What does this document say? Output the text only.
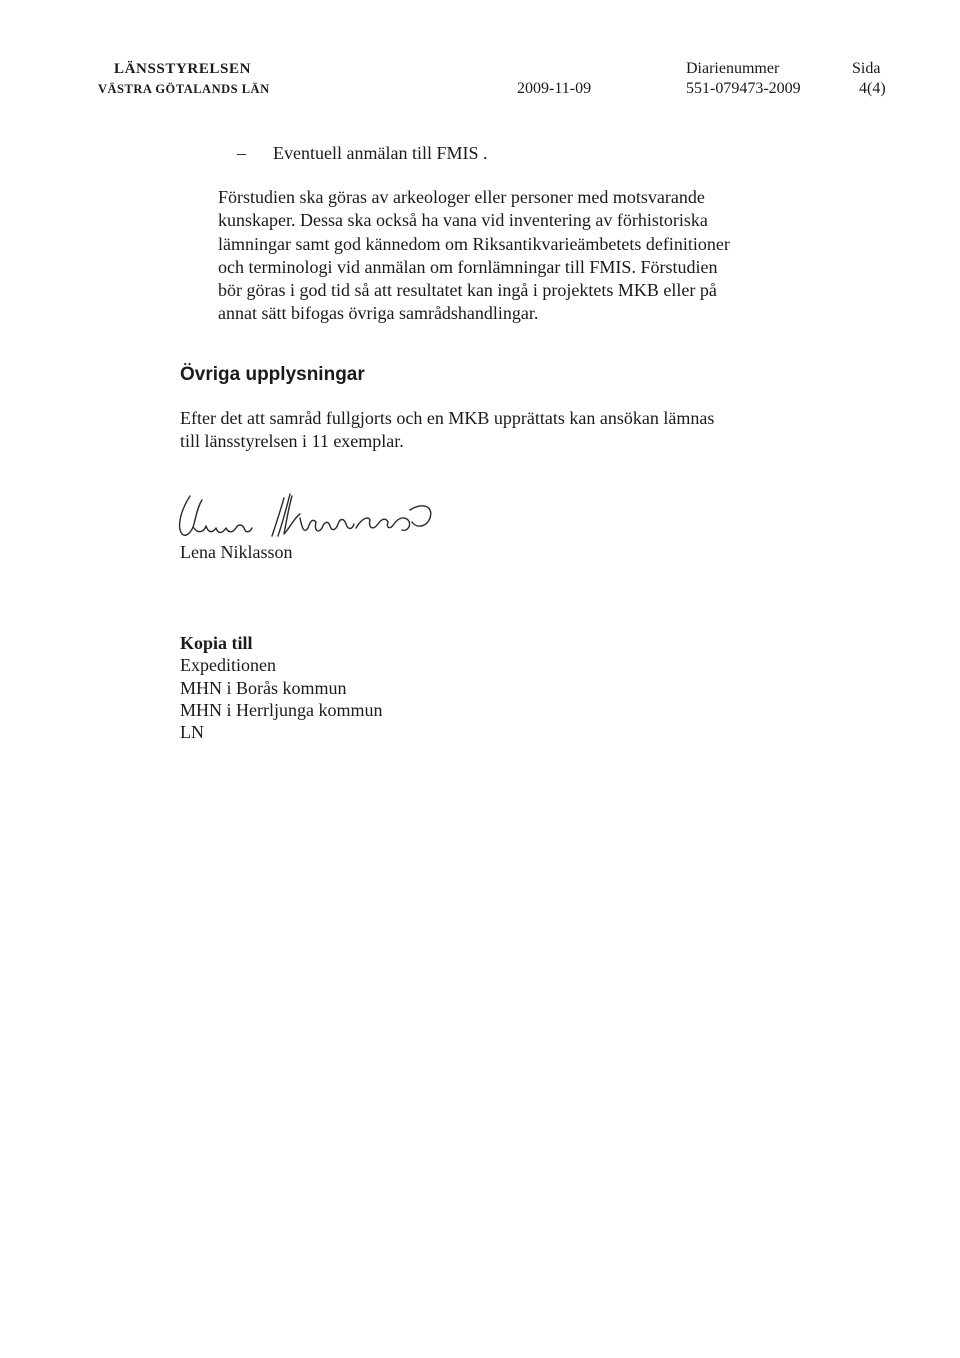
LÄNSSTYRELSEN
VÄSTRA GÖTALANDS LÄN	2009-11-09
Diarienummer
551-079473-2009
Sida
4(4)
– Eventuell anmälan till FMIS .
Förstudien ska göras av arkeologer eller personer med motsvarande
kunskaper. Dessa ska också ha vana vid inventering av förhistoriska
lämningar samt god kännedom om Riksantikvarieämbetets definitioner
och terminologi vid anmälan om fornlämningar till FMIS. Förstudien
bör göras i god tid så att resultatet kan ingå i projektets MKB eller på
annat sätt bifogas övriga samrådshandlingar.
Övriga upplysningar
Efter det att samråd fullgjorts och en MKB upprättats kan ansökan lämnas
till länsstyrelsen i 11 exemplar.
Lena Niklasson
Kopia till
Expeditionen
MHN i Borås kommun
MHN i Herrljunga kommun
LN
